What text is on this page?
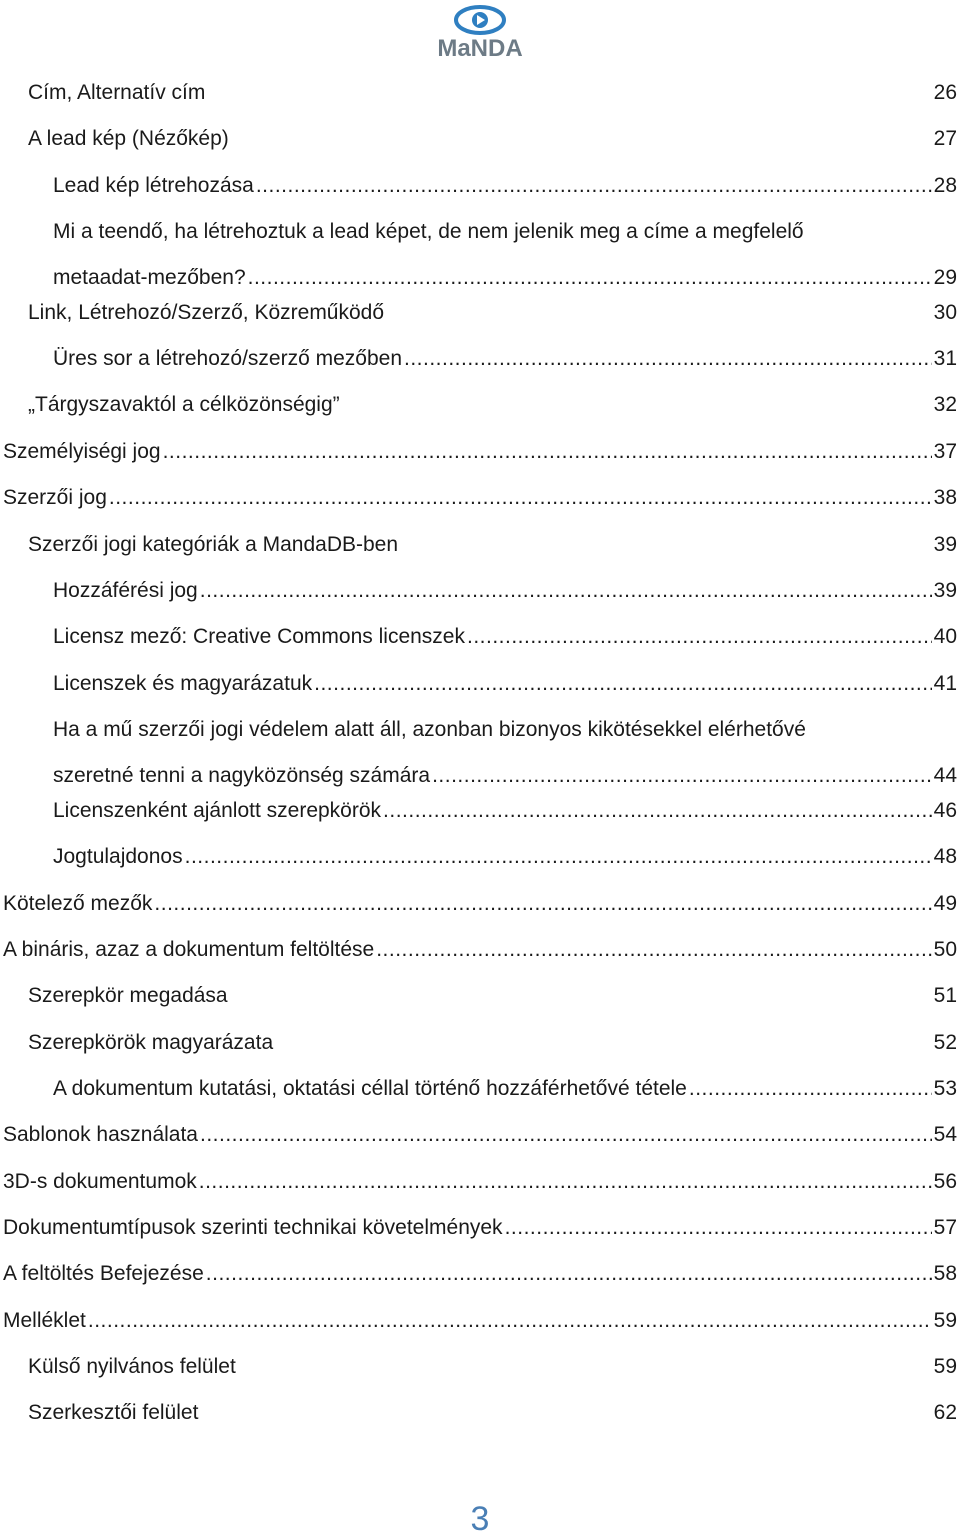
MaNDA
Cím, Alternatív cím	26
A lead kép (Nézőkép)	27
Lead kép létrehozása .....	28
Mi a teendő, ha létrehoztuk a lead képet, de nem jelenik meg a címe a megfelelő
metaadat-mezőben? .....	29
Link, Létrehozó/Szerző, Közreműködő	30
Üres sor a létrehozó/szerző mezőben .....	31
„Tárgyszavaktól a célközönségig”	32
Személyiségi jog .....	37
Szerzői jog .....	38
Szerzői jogi kategóriák a MandaDB-ben	39
Hozzáférési jog .....	39
Licensz mező: Creative Commons licenszek .....	40
Licenszek és magyarázatuk .....	41
Ha a mű szerzői jogi védelem alatt áll, azonban bizonyos kikötésekkel elérhetővé
szeretné tenni a nagyközönség számára .....	44
Licenszenként ajánlott szerepkörök .....	46
Jogtulajdonos .....	48
Kötelező mezők .....	49
A bináris, azaz a dokumentum feltöltése .....	50
Szerepkör megadása	51
Szerepkörök magyarázata	52
A dokumentum kutatási, oktatási céllal történő hozzáférhetővé tétele .....	53
Sablonok használata .....	54
3D-s dokumentumok .....	56
Dokumentumtípusok szerinti technikai követelmények .....	57
A feltöltés Befejezése .....	58
Melléklet .....	59
Külső nyilvános felület	59
Szerkesztői felület	62
3
